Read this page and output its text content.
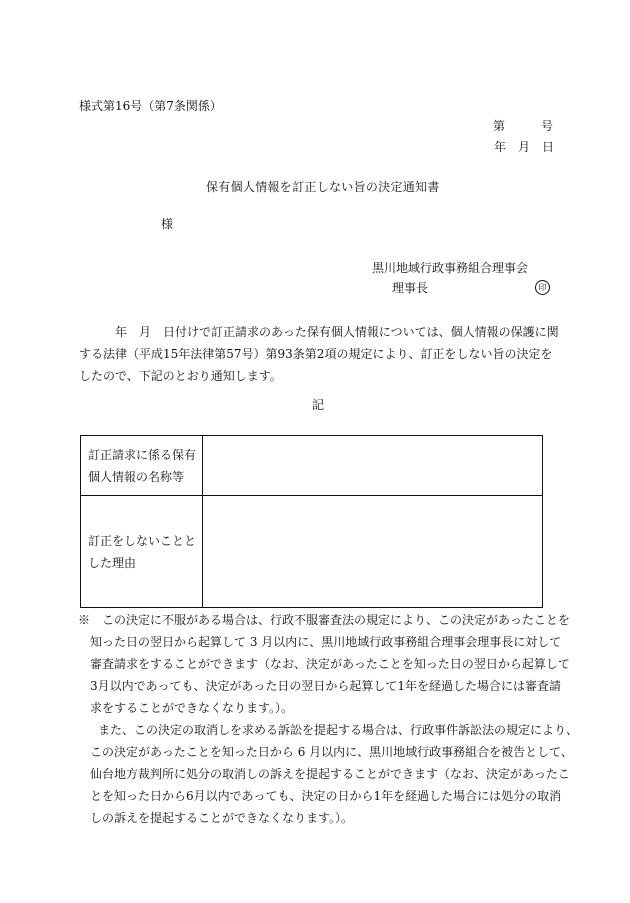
様式第16号（第7条関係）
第　　　号
年　月　日
保有個人情報を訂正しない旨の決定通知書
様
黒川地域行政事務組合理事会
理事長	印
　　　年　月　日付けで訂正請求のあった保有個人情報については、個人情報の保護に関
する法律（平成15年法律第57号）第93条第2項の規定により、訂正をしない旨の決定を
したので、下記のとおり通知します。
記
訂正請求に係る保有
個人情報の名称等	

訂正をしないことと
した理由	

※　この決定に不服がある場合は、行政不服審査法の規定により、この決定があったことを
知った日の翌日から起算して 3 月以内に、黒川地域行政事務組合理事会理事長に対して
審査請求をすることができます（なお、決定があったことを知った日の翌日から起算して
3月以内であっても、決定があった日の翌日から起算して1年を経過した場合には審査請
求をすることができなくなります。）。
また、この決定の取消しを求める訴訟を提起する場合は、行政事件訴訟法の規定により、
この決定があったことを知った日から 6 月以内に、黒川地域行政事務組合を被告として、
仙台地方裁判所に処分の取消しの訴えを提起することができます（なお、決定があったこ
とを知った日から6月以内であっても、決定の日から1年を経過した場合には処分の取消
しの訴えを提起することができなくなります。）。
